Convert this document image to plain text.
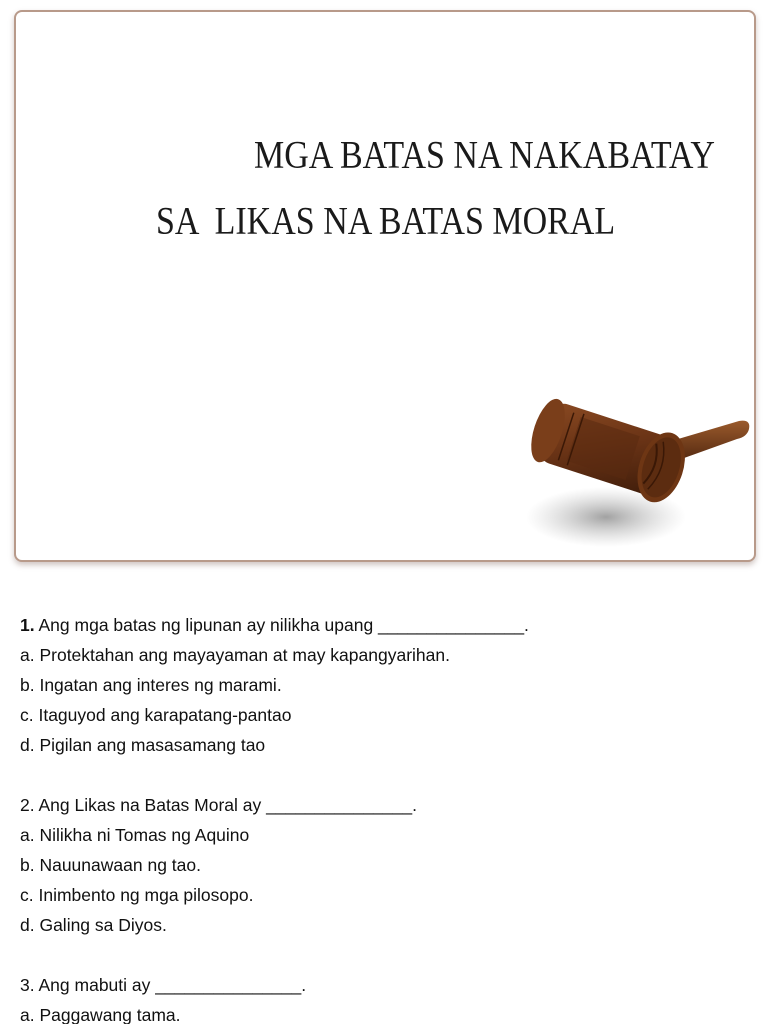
MGA BATAS NA NAKABATAY
SA  LIKAS NA BATAS MORAL
1. Ang mga batas ng lipunan ay nilikha upang _______________.
a. Protektahan ang mayayaman at may kapangyarihan.
b. Ingatan ang interes ng marami.
c. Itaguyod ang karapatang-pantao
d. Pigilan ang masasamang tao
2. Ang Likas na Batas Moral ay _______________.
a. Nilikha ni Tomas ng Aquino
b. Nauunawaan ng tao.
c. Inimbento ng mga pilosopo.
d. Galing sa Diyos.
3. Ang mabuti ay _______________.
a. Paggawang tama.
